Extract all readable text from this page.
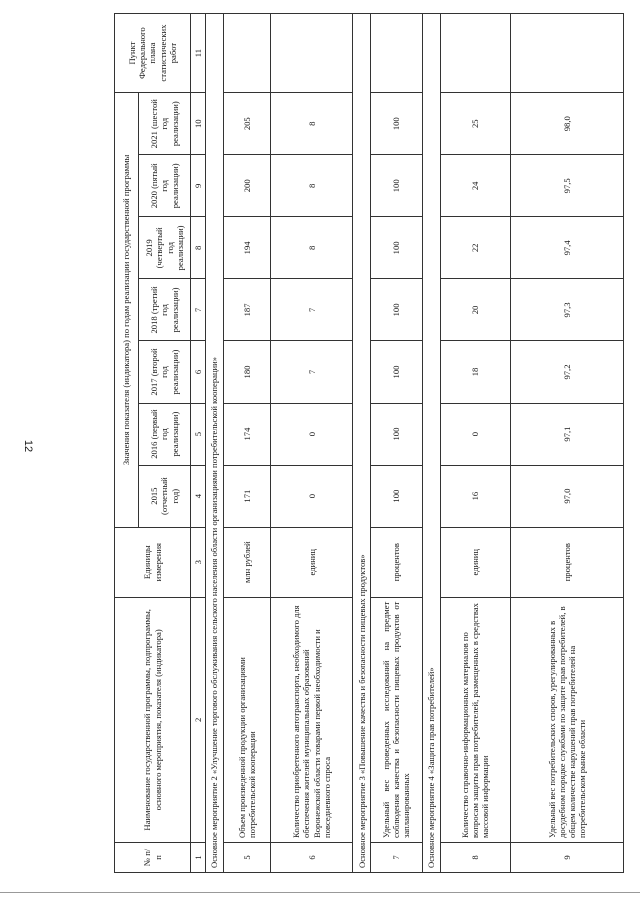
12
№ п/п	Наименование государственной программы, подпрограммы, основного мероприятия, показателя (индикатора)	Единицы измерения	Значения показателя (индикатора) по годам реализации государственной программы							Пункт Федерального плана статистических работ
			2015 (отчетный год)	2016 (первый год реализации)	2017 (второй год реализации)	2018 (третий год реализации)	2019 (четвертый год реализации)	2020 (пятый год реализации)	2021 (шестой год реализации)	
1	2	3	4	5	6	7	8	9	10	11
Основное мероприятие 2 «Улучшение торгового обслуживания сельского населения области организациями потребительской кооперации»										
5	Объем произведенной продукции организациями потребительской кооперации	млн рублей	171	174	180	187	194	200	205	
6	Количество приобретенного автотранспорта, необходимого для обеспечения жителей муниципальных образований Воронежской области товарами первой необходимости и повседневного спроса	единиц	0	0	7	7	8	8	8	
Основное мероприятие 3 «Повышение качества и безопасности пищевых продуктов»										
7	Удельный вес проведенных исследований на предмет соблюдения качества и безопасности пищевых продуктов от запланированных	процентов	100	100	100	100	100	100	100	
Основное мероприятие 4 «Защита прав потребителей»										
8	Количество справочно-информационных материалов по вопросам защиты прав потребителей, размещенных в средствах массовой информации	единиц	16	0	18	20	22	24	25	
9	Удельный вес потребительских споров, урегулированных в досудебном порядке службами по защите прав потребителей, в общем количестве нарушений прав потребителей на потребительском рынке области	процентов	97,0	97,1	97,2	97,3	97,4	97,5	98,0	
